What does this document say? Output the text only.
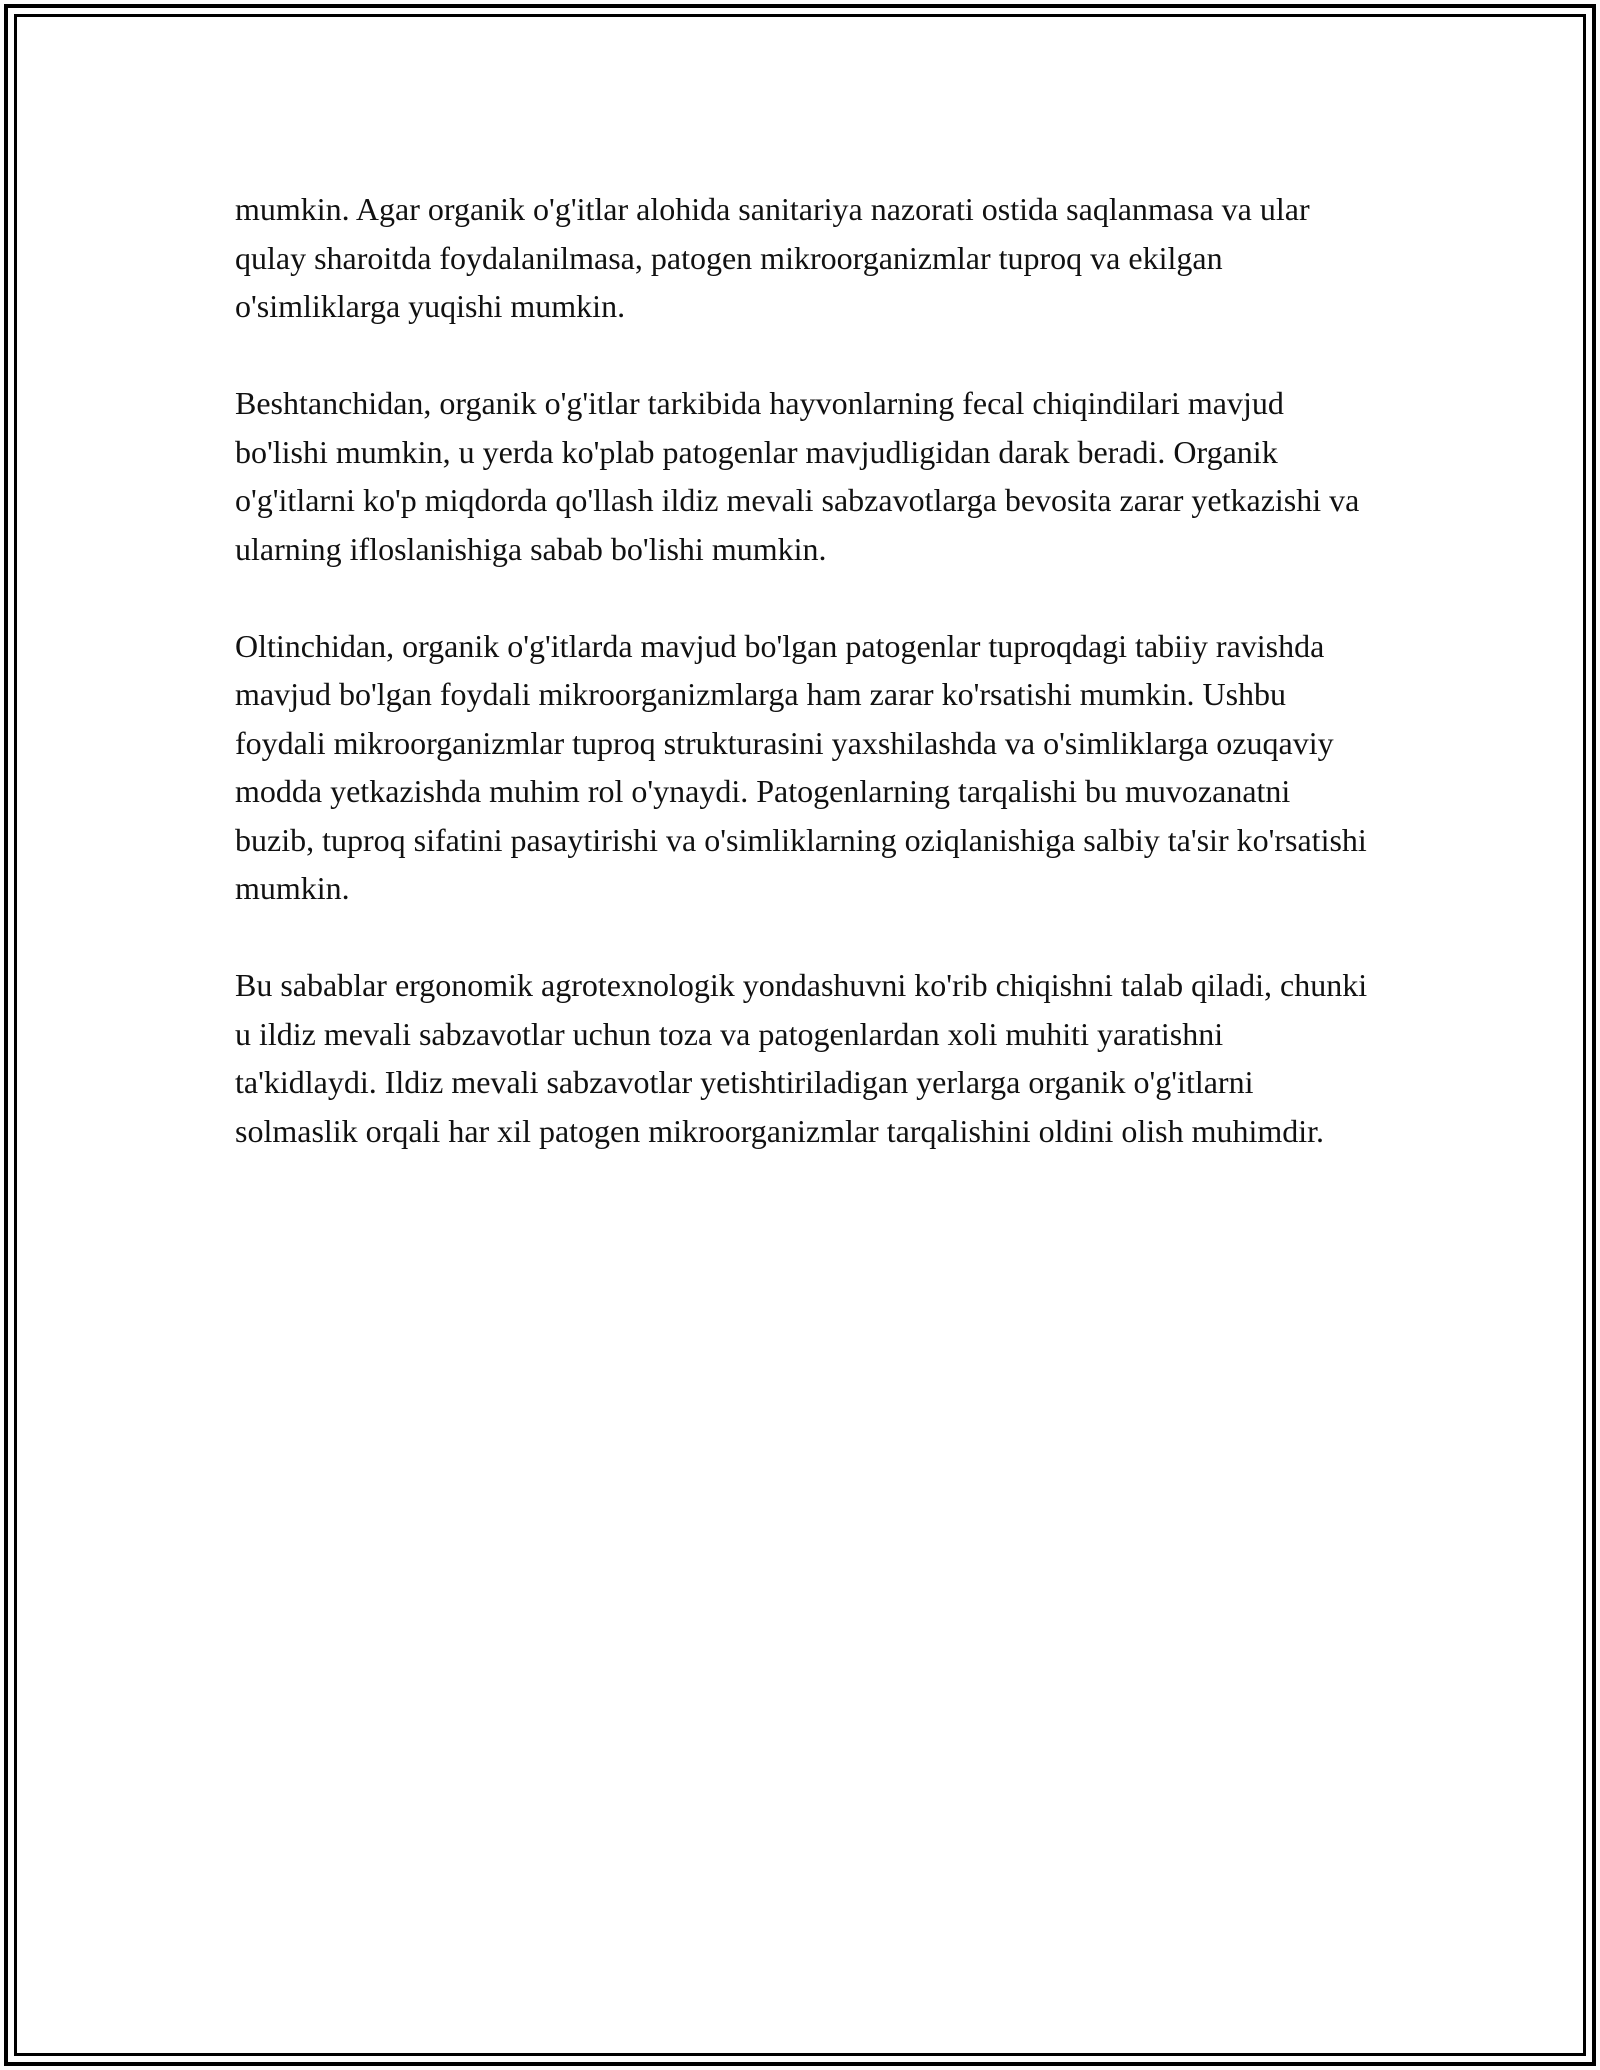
mumkin. Agar organik o'g'itlar alohida sanitariya nazorati ostida saqlanmasa va ular qulay sharoitda foydalanilmasa, patogen mikroorganizmlar tuproq va ekilgan o'simliklarga yuqishi mumkin.

Beshtanchidan, organik o'g'itlar tarkibida hayvonlarning fecal chiqindilari mavjud bo'lishi mumkin, u yerda ko'plab patogenlar mavjudligidan darak beradi. Organik o'g'itlarni ko'p miqdorda qo'llash ildiz mevali sabzavotlarga bevosita zarar yetkazishi va ularning ifloslanishiga sabab bo'lishi mumkin.

Oltinchidan, organik o'g'itlarda mavjud bo'lgan patogenlar tuproqdagi tabiiy ravishda mavjud bo'lgan foydali mikroorganizmlarga ham zarar ko'rsatishi mumkin. Ushbu foydali mikroorganizmlar tuproq strukturasini yaxshilashda va o'simliklarga ozuqaviy modda yetkazishda muhim rol o'ynaydi. Patogenlarning tarqalishi bu muvozanatni buzib, tuproq sifatini pasaytirishi va o'simliklarning oziqlanishiga salbiy ta'sir ko'rsatishi mumkin.

Bu sabablar ergonomik agrotexnologik yondashuvni ko'rib chiqishni talab qiladi, chunki u ildiz mevali sabzavotlar uchun toza va patogenlardan xoli muhiti yaratishni ta'kidlaydi. Ildiz mevali sabzavotlar yetishtiriladigan yerlarga organik o'g'itlarni solmaslik orqali har xil patogen mikroorganizmlar tarqalishini oldini olish muhimdir.
